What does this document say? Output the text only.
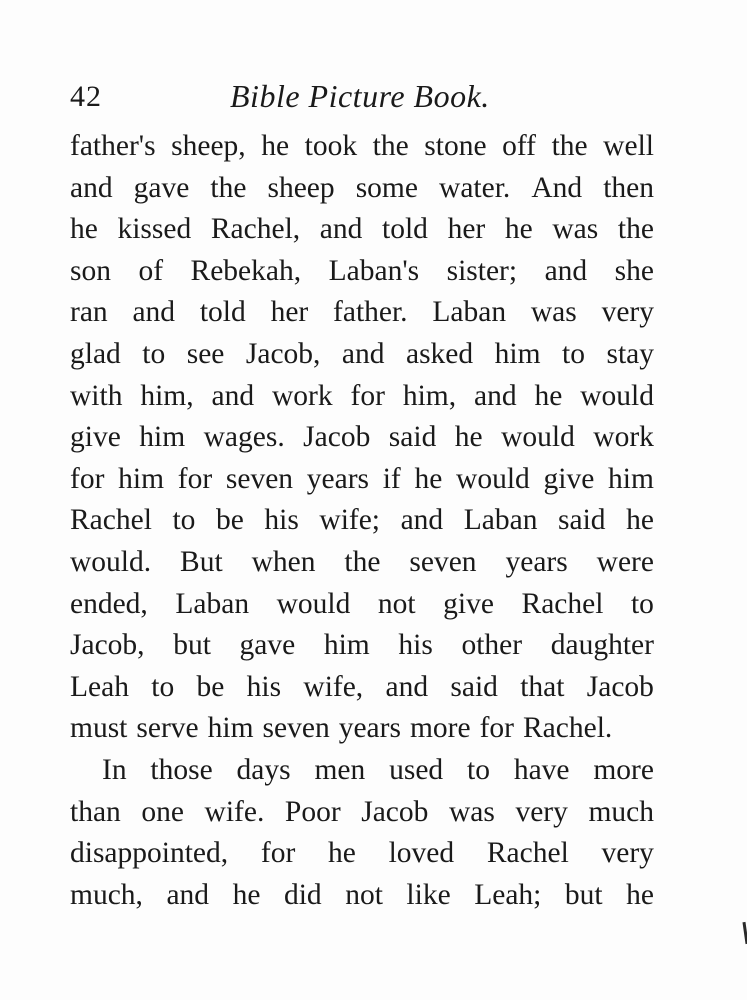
42	Bible Picture Book.
father's sheep, he took the stone off the well
and gave the sheep some water. And then
he kissed Rachel, and told her he was the
son of Rebekah, Laban's sister; and she
ran and told her father. Laban was very
glad to see Jacob, and asked him to stay
with him, and work for him, and he would
give him wages. Jacob said he would work
for him for seven years if he would give him
Rachel to be his wife; and Laban said he
would. But when the seven years were
ended, Laban would not give Rachel to
Jacob, but gave him his other daughter
Leah to be his wife, and said that Jacob
must serve him seven years more for Rachel.
In those days men used to have more
than one wife. Poor Jacob was very much
disappointed, for he loved Rachel very
much, and he did not like Leah; but he
